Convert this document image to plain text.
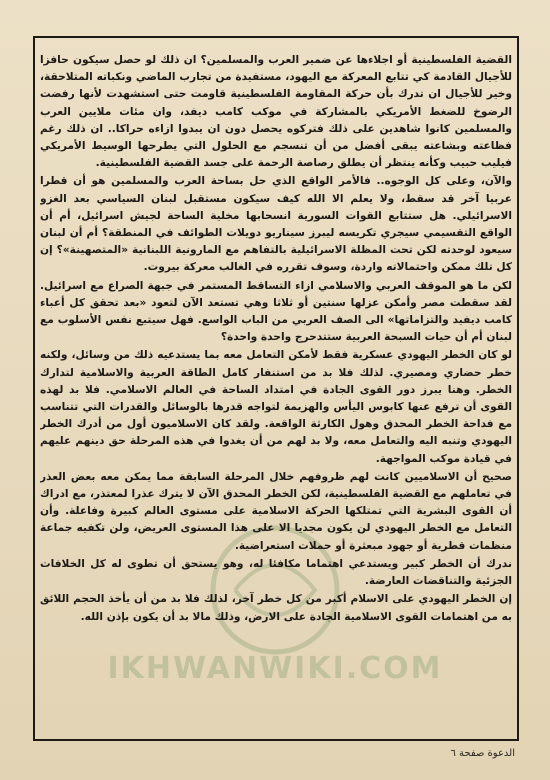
IKHWANWIKI.COM

القضية الفلسطينية أو اجلاءها عن ضمير العرب والمسلمين؟ ان ذلك لو حصل سيكون حافزا للأجيال القادمة كي تتابع المعركة مع اليهود، مستفيدة من تجارب الماضي ونكباته المتلاحقة، وخير للأجيال ان تدرك بأن حركة المقاومة الفلسطينية قاومت حتى استشهدت لأنها رفضت الرضوخ للضغط الأمريكي بالمشاركة في موكب كامب ديفد، وان مئات ملايين العرب والمسلمين كانوا شاهدين على ذلك فتركوه يحصل دون ان يبدوا ازاءه حراكا.. ان ذلك رغم فظاعته وبشاعته يبقى أفضل من أن تنسجم مع الحلول التي يطرحها الوسيط الأمريكي فيليب حبيب وكأنه ينتظر أن يطلق رصاصة الرحمة على جسد القضية الفلسطينية.

والآن، وعلى كل الوجوه.. فالأمر الواقع الذي حل بساحة العرب والمسلمين هو أن قطرا عربيا آخر قد سقط، ولا يعلم الا الله كيف سيكون مستقبل لبنان السياسي بعد الغزو الاسرائيلي. هل ستتابع القوات السورية انسحابها مخلية الساحة لجيش اسرائيل، أم أن الواقع التقسيمي سيجري تكريسه ليبرز سيناريو دويلات الطوائف في المنطقة؟ أم أن لبنان سيعود لوحدته لكن تحت المظلة الاسرائيلية بالتفاهم مع المارونية اللبنانية «المتصهينة»؟ إن كل تلك ممكن واحتمالاته واردة، وسوف تقرره في الغالب معركة بيروت.

لكن ما هو الموقف العربي والاسلامي ازاء التساقط المستمر في جبهة الصراع مع اسرائيل. لقد سقطت مصر وأمكن عزلها سنتين أو ثلاثا وهي تستعد الآن لتعود «بعد تحقق كل أعباء كامب ديفيد والتزاماتها» الى الصف العربي من الباب الواسع. فهل سيتبع نفس الأسلوب مع لبنان أم أن حيات السبحة العربية ستتدحرج واحدة واحدة؟

لو كان الخطر اليهودي عسكرية فقط لأمكن التعامل معه بما يستدعيه ذلك من وسائل، ولكنه خطر حضاري ومصيري. لذلك فلا بد من استنفار كامل الطاقة العربية والاسلامية لتدارك الخطر. وهنا يبرز دور القوى الجادة في امتداد الساحة في العالم الاسلامي. فلا بد لهذه القوى أن ترفع عنها كابوس اليأس والهزيمة لتواجه قدرها بالوسائل والقدرات التي تتناسب مع فداحة الخطر المحدق وهول الكارثة الواقعة. ولقد كان الاسلاميون أول من أدرك الخطر اليهودي وتنبه اليه والتعامل معه، ولا بد لهم من أن يغدوا في هذه المرحلة حق دينهم عليهم في قيادة موكب المواجهة.

صحيح أن الاسلاميين كانت لهم ظروفهم خلال المرحلة السابقة مما يمكن معه بعض العذر في تعاملهم مع القضية الفلسطينية، لكن الخطر المحدق الآن لا يترك عذرا لمعتذر، مع ادراك أن القوى البشرية التي تمتلكها الحركة الاسلامية على مستوى العالم كبيرة وفاعلة. وأن التعامل مع الخطر اليهودي لن يكون مجديا الا على هذا المستوى العريض، ولن تكفيه جماعة منظمات قطرية أو جهود مبعثرة أو حملات استعراضية.

ندرك أن الخطر كبير ويستدعي اهتماما مكافئا له، وهو يستحق أن تطوى له كل الخلافات الجزئية والتناقضات العارضة.

إن الخطر اليهودي على الاسلام أكبر من كل خطر آخر، لذلك فلا بد من أن يأخذ الحجم اللائق به من اهتمامات القوى الاسلامية الجادة على الارض، وذلك مالا بد أن يكون بإذن الله.

الدعوة صفحة ٦
